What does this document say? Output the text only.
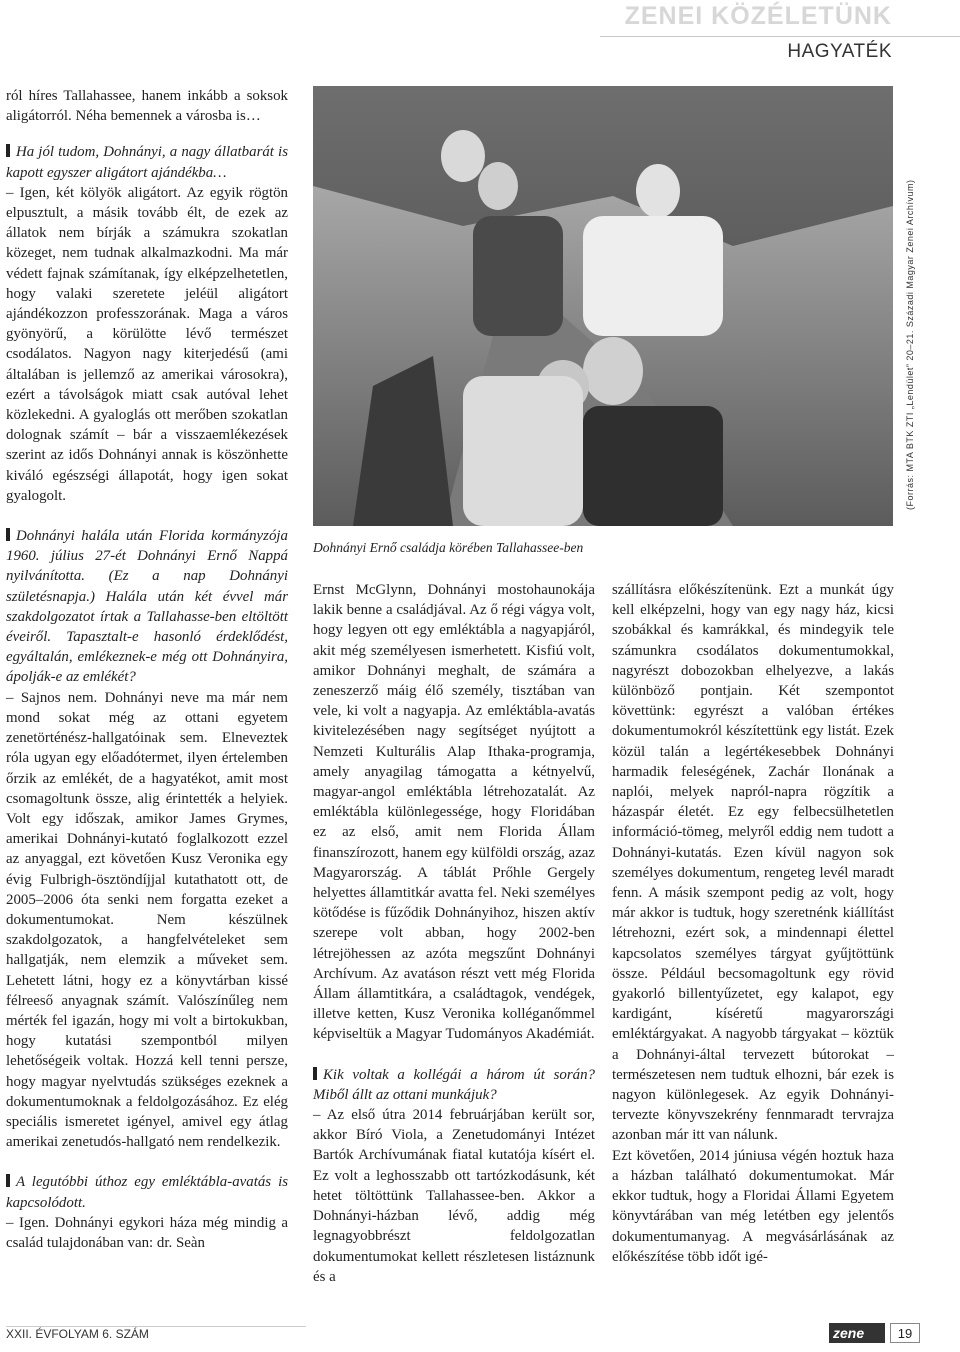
ZENEI KÖZÉLETÜNK
HAGYATÉK

ról híres Tallahassee, hanem inkább a soksok aligátorról. Néha bemennek a városba is…

Ha jól tudom, Dohnányi, a nagy állatbarát is kapott egyszer aligátort ajándékba…

– Igen, két kölyök aligátort. Az egyik rögtön elpusztult, a másik tovább élt, de ezek az állatok nem bírják a számukra szokatlan közeget, nem tudnak alkalmazkodni. Ma már védett fajnak számítanak, így elképzelhetetlen, hogy valaki szeretete jeléül aligátort ajándékozzon professzorának. Maga a város gyönyörű, a körülötte lévő természet csodálatos. Nagyon nagy kiterjedésű (ami általában is jellemző az amerikai városokra), ezért a távolságok miatt csak autóval lehet közlekedni. A gyaloglás ott merőben szokatlan dolognak számít – bár a visszaemlékezések szerint az idős Dohnányi annak is köszönhette kiváló egészségi állapotát, hogy igen sokat gyalogolt.

Dohnányi halála után Florida kormányzója 1960. július 27-ét Dohnányi Ernő Nappá nyilvánította. (Ez a nap Dohnányi születésnapja.) Halála után két évvel már szakdolgozatot írtak a Tallahasse-ben eltöltött éveiről. Tapasztalt-e hasonló érdeklődést, egyáltalán, emlékeznek-e még ott Dohnányira, ápolják-e az emlékét?

– Sajnos nem. Dohnányi neve ma már nem mond sokat még az ottani egyetem zenetörténész-hallgatóinak sem. Elneveztek róla ugyan egy előadótermet, ilyen értelemben őrzik az emlékét, de a hagyatékot, amit most csomagoltunk össze, alig érintették a helyiek. Volt egy időszak, amikor James Grymes, amerikai Dohnányi-kutató foglalkozott ezzel az anyaggal, ezt követően Kusz Veronika egy évig Fulbrigh-ösztöndíjjal kutathatott ott, de 2005–2006 óta senki nem forgatta ezeket a dokumentumokat. Nem készülnek szakdolgozatok, a hangfelvételeket sem hallgatják, nem elemzik a műveket sem. Lehetett látni, hogy ez a könyvtárban kissé félreeső anyagnak számít. Valószínűleg nem mérték fel igazán, hogy mi volt a birtokukban, hogy kutatási szempontból milyen lehetőségeik voltak. Hozzá kell tenni persze, hogy magyar nyelvtudás szükséges ezeknek a dokumentumoknak a feldolgozásához. Ez elég speciális ismeretet igényel, amivel egy átlag amerikai zenetudós-hallgató nem rendelkezik.

A legutóbbi úthoz egy emléktábla-avatás is kapcsolódott.

– Igen. Dohnányi egykori háza még mindig a család tulajdonában van: dr. Seàn

Dohnányi Ernő családja körében Tallahassee-ben
(Forrás: MTA BTK ZTI „Lendület” 20–21. Századi Magyar Zenei Archívum)

Ernst McGlynn, Dohnányi mostohaunokája lakik benne a családjával. Az ő régi vágya volt, hogy legyen ott egy emléktábla a nagyapjáról, akit még személyesen ismerhetett. Kisfiú volt, amikor Dohnányi meghalt, de számára a zeneszerző máig élő személy, tisztában van vele, ki volt a nagyapja. Az emléktábla-avatás kivitelezésében nagy segítséget nyújtott a Nemzeti Kulturális Alap Ithaka-programja, amely anyagilag támogatta a kétnyelvű, magyar-angol emléktábla létrehozatalát. Az emléktábla különlegessége, hogy Floridában ez az első, amit nem Florida Állam finanszírozott, hanem egy külföldi ország, azaz Magyarország. A táblát Prőhle Gergely helyettes államtitkár avatta fel. Neki személyes kötődése is fűződik Dohnányihoz, hiszen aktív szerepe volt abban, hogy 2002-ben létrejöhessen az azóta megszűnt Dohnányi Archívum. Az avatáson részt vett még Florida Állam államtitkára, a családtagok, vendégek, illetve ketten, Kusz Veronika kolléganőmmel képviseltük a Magyar Tudományos Akadémiát.

Kik voltak a kollégái a három út során? Miből állt az ottani munkájuk?

– Az első útra 2014 februárjában került sor, akkor Bíró Viola, a Zenetudományi Intézet Bartók Archívumának fiatal kutatója kísért el. Ez volt a leghosszabb ott tartózkodásunk, két hetet töltöttünk Tallahassee-ben. Akkor a Dohnányi-házban lévő, addig még legnagyobbrészt feldolgozatlan dokumentumokat kellett részletesen listáznunk és a

szállításra előkészítenünk. Ezt a munkát úgy kell elképzelni, hogy van egy nagy ház, kicsi szobákkal és kamrákkal, és mindegyik tele számunkra csodálatos dokumentumokkal, nagyrészt dobozokban elhelyezve, a lakás különböző pontjain. Két szempontot követtünk: egyrészt a valóban értékes dokumentumokról készítettünk egy listát. Ezek közül talán a legértékesebbek Dohnányi harmadik feleségének, Zachár Ilonának a naplói, melyek napról-napra rögzítik a házaspár életét. Ez egy felbecsülhetetlen információ-tömeg, melyről eddig nem tudott a Dohnányi-kutatás. Ezen kívül nagyon sok személyes dokumentum, rengeteg levél maradt fenn. A másik szempont pedig az volt, hogy már akkor is tudtuk, hogy szeretnénk kiállítást létrehozni, ezért sok, a mindennapi élettel kapcsolatos személyes tárgyat gyűjtöttünk össze. Például becsomagoltunk egy rövid gyakorló billentyűzetet, egy kalapot, egy kardigánt, kíséretű magyarországi emléktárgyakat. A nagyobb tárgyakat – köztük a Dohnányi-által tervezett bútorokat – természetesen nem tudtuk elhozni, bár ezek is nagyon különlegesek. Az egyik Dohnányi-tervezte könyvszekrény fennmaradt tervrajza azonban már itt van nálunk.

Ezt követően, 2014 júniusa végén hoztuk haza a házban található dokumentumokat. Már ekkor tudtuk, hogy a Floridai Állami Egyetem könyvtárában van még letétben egy jelentős dokumentumanyag. A megvásárlásának az előkészítése több időt igé-

XXII. ÉVFOLYAM 6. SZÁM	zene	19
